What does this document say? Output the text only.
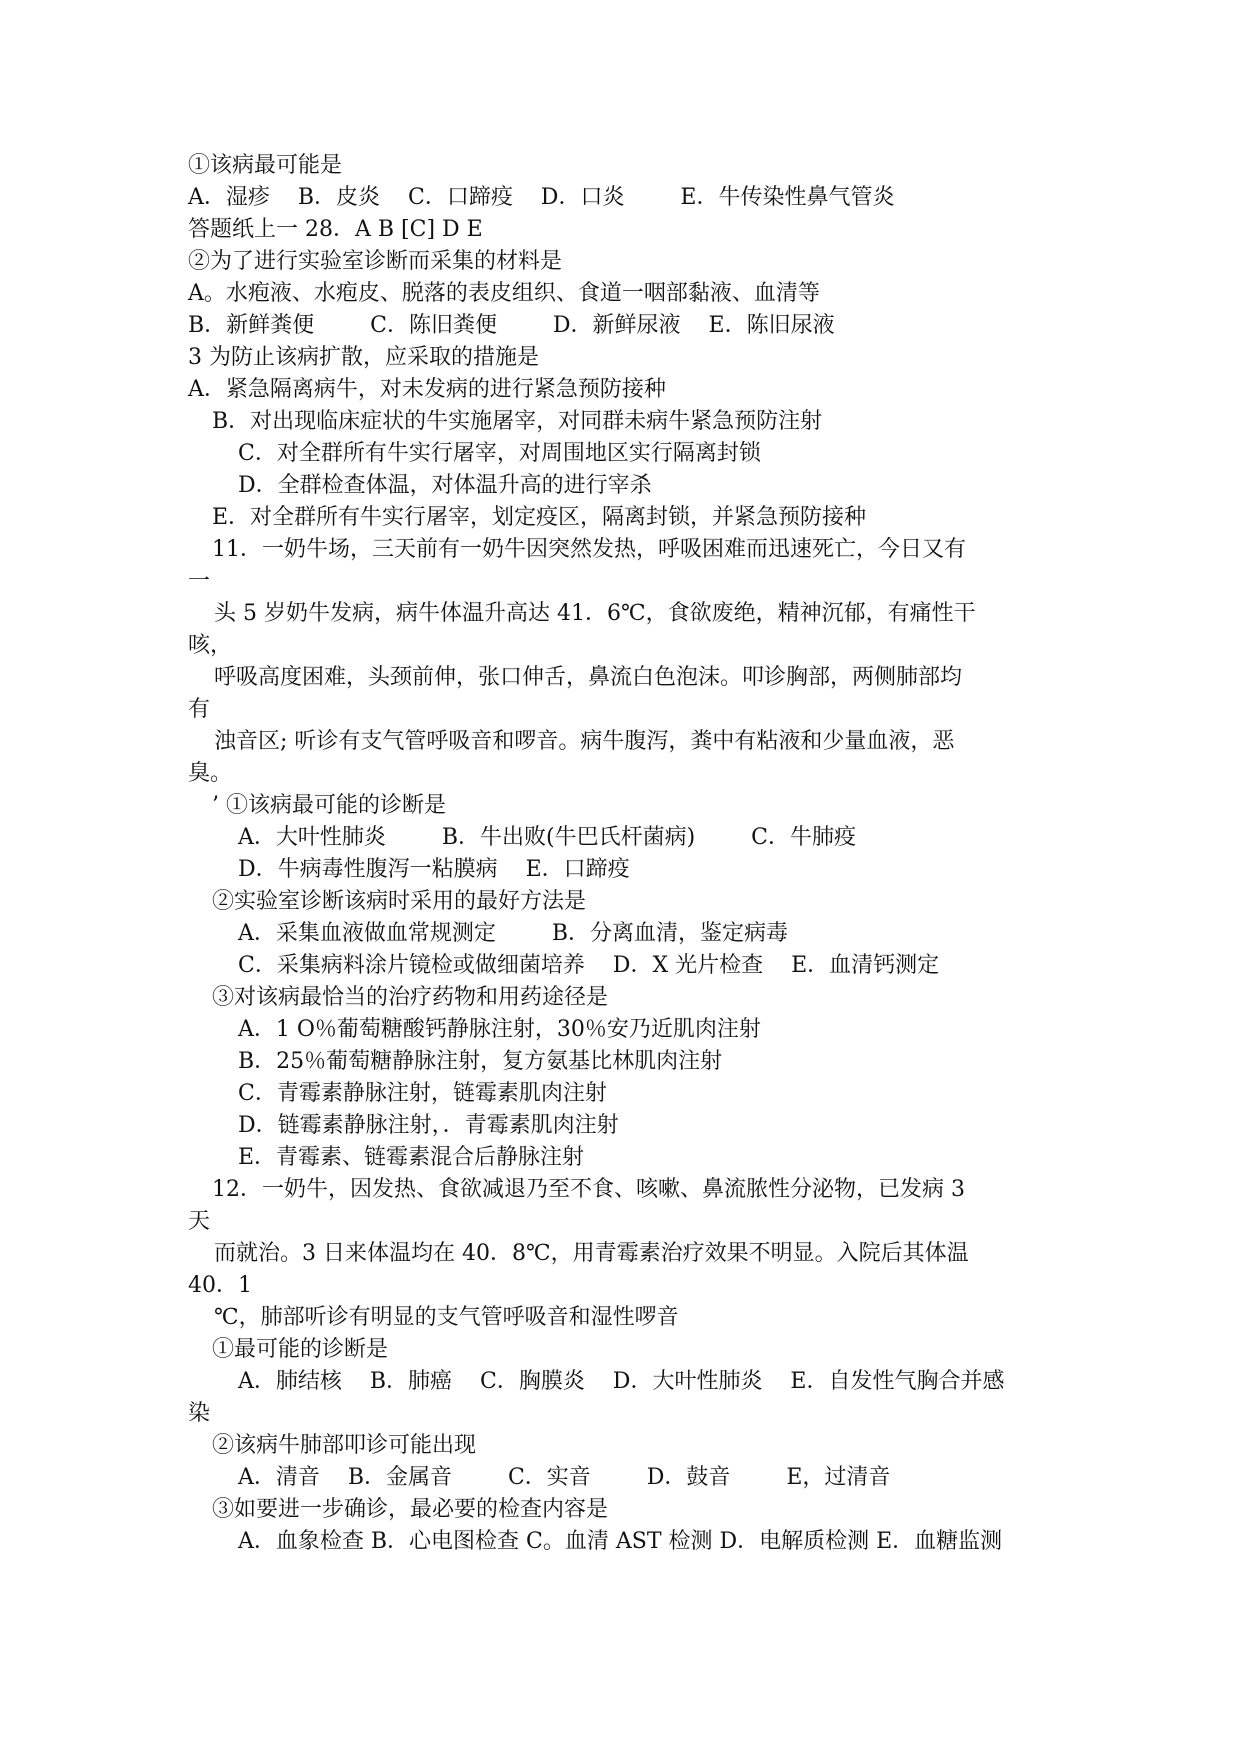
①该病最可能是
A．湿疹    B．皮炎    C．口蹄疫    D．口炎        E．牛传染性鼻气管炎
答题纸上一 28．A B [C] D E
②为了进行实验室诊断而采集的材料是
A。水疱液、水疱皮、脱落的表皮组织、食道一咽部黏液、血清等
B．新鲜粪便        C．陈旧粪便        D．新鲜尿液    E．陈旧尿液
3 为防止该病扩散，应采取的措施是
A．紧急隔离病牛，对未发病的进行紧急预防接种
B．对出现临床症状的牛实施屠宰，对同群未病牛紧急预防注射
C．对全群所有牛实行屠宰，对周围地区实行隔离封锁
D．全群检查体温，对体温升高的进行宰杀
E．对全群所有牛实行屠宰，划定疫区，隔离封锁，并紧急预防接种
11．一奶牛场，三天前有一奶牛因突然发热，呼吸困难而迅速死亡，今日又有
一
头 5 岁奶牛发病，病牛体温升高达 41．6℃，食欲废绝，精神沉郁，有痛性干
咳，
呼吸高度困难，头颈前伸，张口伸舌，鼻流白色泡沫。叩诊胸部，两侧肺部均
有
浊音区; 听诊有支气管呼吸音和啰音。病牛腹泻，粪中有粘液和少量血液，恶
臭。
’ ①该病最可能的诊断是
A．大叶性肺炎        B．牛出败(牛巴氏杆菌病)        C．牛肺疫
D．牛病毒性腹泻一粘膜病    E．口蹄疫
②实验室诊断该病时采用的最好方法是
A．采集血液做血常规测定        B．分离血清，鉴定病毒
C．采集病料涂片镜检或做细菌培养    D．X 光片检查    E．血清钙测定
③对该病最恰当的治疗药物和用药途径是
A．1 O％葡萄糖酸钙静脉注射，30％安乃近肌肉注射
B．25％葡萄糖静脉注射，复方氨基比林肌肉注射
C．青霉素静脉注射，链霉素肌肉注射
D．链霉素静脉注射，．青霉素肌肉注射
E．青霉素、链霉素混合后静脉注射
12．一奶牛，因发热、食欲减退乃至不食、咳嗽、鼻流脓性分泌物，已发病 3
天
而就治。3 日来体温均在 40．8℃，用青霉素治疗效果不明显。入院后其体温
40．1
℃，肺部听诊有明显的支气管呼吸音和湿性啰音
①最可能的诊断是
A．肺结核    B．肺癌    C．胸膜炎    D．大叶性肺炎    E．自发性气胸合并感
染
②该病牛肺部叩诊可能出现
A．清音    B．金属音        C．实音        D．鼓音        E，过清音
③如要进一步确诊，最必要的检查内容是
A．血象检查 B．心电图检查 C。血清 AST 检测 D．电解质检测 E．血糖监测
